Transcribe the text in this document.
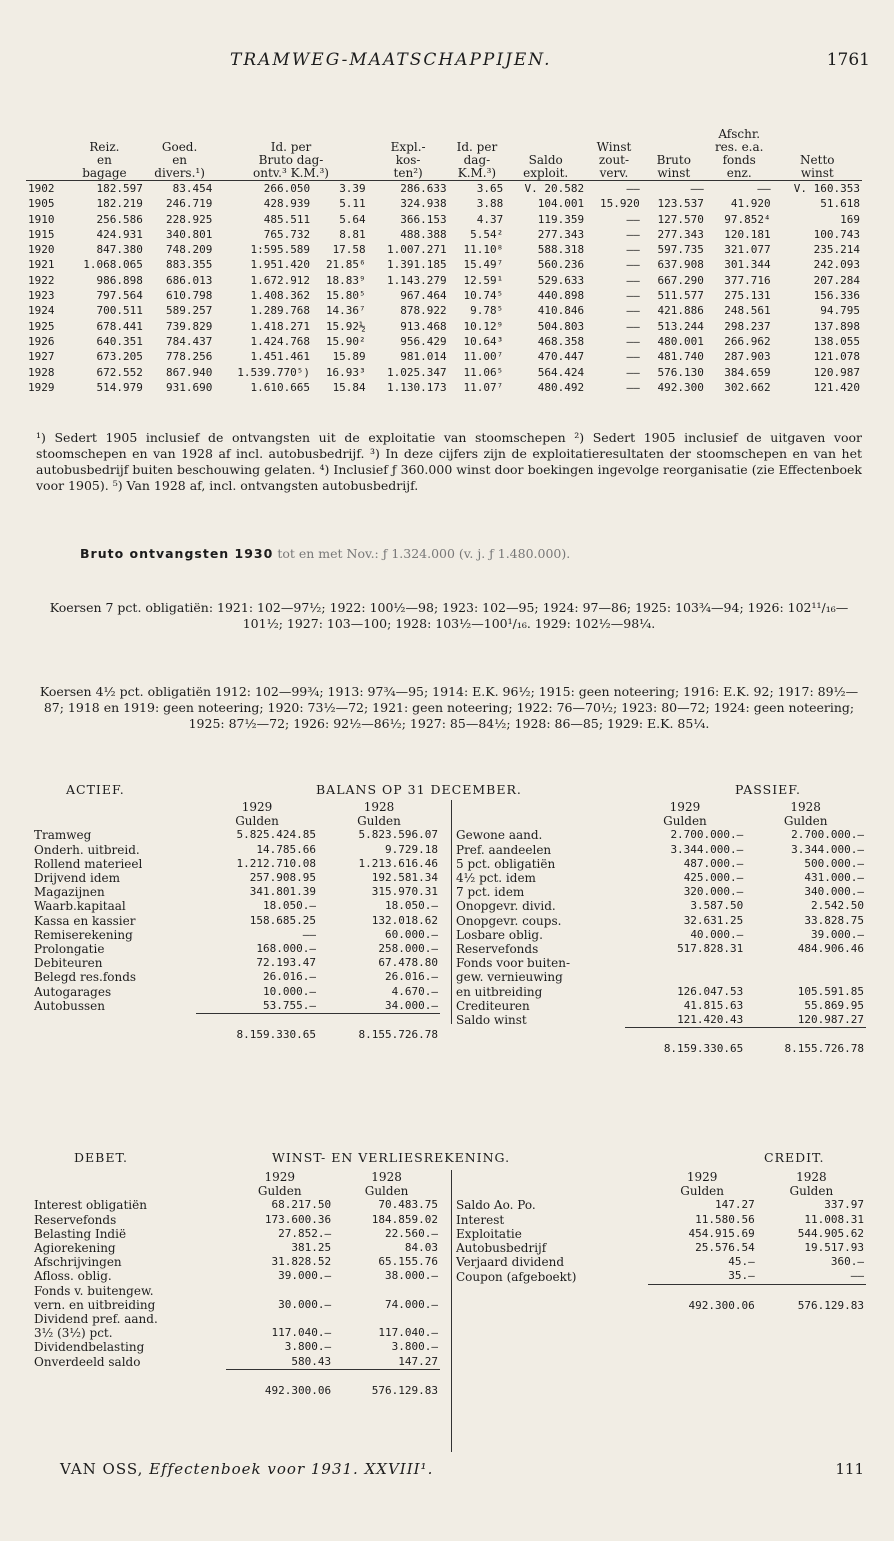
TRAMWEG-MAATSCHAPPIJEN.	1761
										Afschr.	
	Reiz.	Goed.	Id. per		Expl.-	Id. per		Winst		res. e.a.	
	en	en	Bruto dag-		kos-	dag-	Saldo	zout-	Bruto	fonds	Netto
	bagage	divers.¹)	ontv.³ K.M.³)		ten²)	K.M.³)	exploit.	verv.	winst	enz.	winst
1902	182.597	83.454	266.050	3.39	286.633	3.65	V. 20.582	——	——	——	V. 160.353
1905	182.219	246.719	428.939	5.11	324.938	3.88	104.001	15.920	123.537	41.920	51.618
1910	256.586	228.925	485.511	5.64	366.153	4.37	119.359	——	127.570	97.852⁴	169
1915	424.931	340.801	765.732	8.81	488.388	5.54²	277.343	——	277.343	120.181	100.743
1920	847.380	748.209	1:595.589	17.58	1.007.271	11.10⁸	588.318	——	597.735	321.077	235.214
1921	1.068.065	883.355	1.951.420	21.85⁶	1.391.185	15.49⁷	560.236	——	637.908	301.344	242.093
1922	986.898	686.013	1.672.912	18.83⁹	1.143.279	12.59¹	529.633	——	667.290	377.716	207.284
1923	797.564	610.798	1.408.362	15.80⁵	967.464	10.74⁵	440.898	——	511.577	275.131	156.336
1924	700.511	589.257	1.289.768	14.36⁷	878.922	9.78⁵	410.846	——	421.886	248.561	94.795
1925	678.441	739.829	1.418.271	15.92½	913.468	10.12⁹	504.803	——	513.244	298.237	137.898
1926	640.351	784.437	1.424.768	15.90²	956.429	10.64³	468.358	——	480.001	266.962	138.055
1927	673.205	778.256	1.451.461	15.89	981.014	11.00⁷	470.447	——	481.740	287.903	121.078
1928	672.552	867.940	1.539.770⁵)	16.93³	1.025.347	11.06⁵	564.424	——	576.130	384.659	120.987
1929	514.979	931.690	1.610.665	15.84	1.130.173	11.07⁷	480.492	——	492.300	302.662	121.420
¹) Sedert 1905 inclusief de ontvangsten uit de exploitatie van stoomschepen ²) Sedert 1905 inclusief de uitgaven voor stoomschepen en van 1928 af incl. autobusbedrijf. ³) In deze cijfers zijn de exploitatieresultaten der stoomschepen en van het autobusbedrijf buiten beschouwing gelaten. ⁴) Inclusief ƒ 360.000 winst door boekingen ingevolge reorganisatie (zie Effectenboek voor 1905). ⁵) Van 1928 af, incl. ontvangsten autobusbedrijf.
Bruto ontvangsten 1930 tot en met Nov.: ƒ 1.324.000 (v. j. ƒ 1.480.000).
Koersen 7 pct. obligatiën: 1921: 102—97½; 1922: 100½—98; 1923: 102—95; 1924: 97—86; 1925: 103¾—94; 1926: 102¹¹/₁₆—101½; 1927: 103—100; 1928: 103½—100¹/₁₆. 1929: 102½—98¼.
Koersen 4½ pct. obligatiën 1912: 102—99¾; 1913: 97¾—95; 1914: E.K. 96½; 1915: geen noteering; 1916: E.K. 92; 1917: 89½—87; 1918 en 1919: geen noteering; 1920: 73½—72; 1921: geen noteering; 1922: 76—70½; 1923: 80—72; 1924: geen noteering; 1925: 87½—72; 1926: 92½—86½; 1927: 85—84½; 1928: 86—85; 1929: E.K. 85¼.
ACTIEF.	BALANS OP 31 DECEMBER.	PASSIEF.
	1929	1928
	Gulden	Gulden
Tramweg	5.825.424.85	5.823.596.07
Onderh. uitbreid.	14.785.66	9.729.18
Rollend materieel	1.212.710.08	1.213.616.46
Drijvend idem	257.908.95	192.581.34
Magazijnen	341.801.39	315.970.31
Waarb.kapitaal	18.050.—	18.050.—
Kassa en kassier	158.685.25	132.018.62
Remiserekening	——	60.000.—
Prolongatie	168.000.—	258.000.—
Debiteuren	72.193.47	67.478.80
Belegd res.fonds	26.016.—	26.016.—
Autogarages	10.000.—	4.670.—
Autobussen	53.755.—	34.000.—
	8.159.330.65	8.155.726.78
	1929	1928
	Gulden	Gulden
Gewone aand.	2.700.000.—	2.700.000.—
Pref. aandeelen	3.344.000.—	3.344.000.—
5 pct. obligatiën	487.000.—	500.000.—
4½ pct. idem	425.000.—	431.000.—
7 pct. idem	320.000.—	340.000.—
Onopgevr. divid.	3.587.50	2.542.50
Onopgevr. coups.	32.631.25	33.828.75
Losbare oblig.	40.000.—	39.000.—
Reservefonds	517.828.31	484.906.46
Fonds voor buiten-		
gew. vernieuwing		
en uitbreiding	126.047.53	105.591.85
Crediteuren	41.815.63	55.869.95
Saldo winst	121.420.43	120.987.27
	8.159.330.65	8.155.726.78
DEBET.	WINST- EN VERLIESREKENING.	CREDIT.
	1929	1928
	Gulden	Gulden
Interest obligatiën	68.217.50	70.483.75
Reservefonds	173.600.36	184.859.02
Belasting Indië	27.852.—	22.560.—
Agiorekening	381.25	84.03
Afschrijvingen	31.828.52	65.155.76
Afloss. oblig.	39.000.—	38.000.—
Fonds v. buitengew.		
vern. en uitbreiding	30.000.—	74.000.—
Dividend pref. aand.		
3½ (3½) pct.	117.040.—	117.040.—
Dividendbelasting	3.800.—	3.800.—
Onverdeeld saldo	580.43	147.27
	492.300.06	576.129.83
	1929	1928
	Gulden	Gulden
Saldo Ao. Po.	147.27	337.97
Interest	11.580.56	11.008.31
Exploitatie	454.915.69	544.905.62
Autobusbedrijf	25.576.54	19.517.93
Verjaard dividend	45.—	360.—
Coupon (afgeboekt)	35.—	——
	492.300.06	576.129.83
VAN OSS, Effectenboek voor 1931. XXVIII¹.	111
